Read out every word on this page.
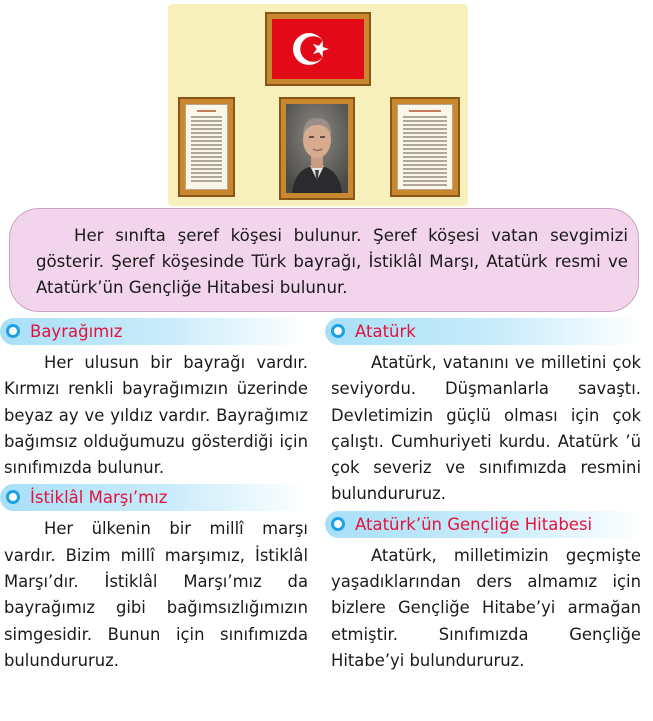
Her sınıfta şeref köşesi bulunur. Şeref köşesi vatan sevgimizi gösterir. Şeref köşesinde Türk bayrağı, İstiklâl Marşı, Atatürk resmi ve Atatürk’ün Gençliğe Hitabesi bulunur.

Bayrağımız

Her ulusun bir bayrağı vardır. Kırmızı renkli bayrağımızın üzerinde beyaz ay ve yıldız vardır. Bayrağımız bağımsız olduğumuzu gösterdiği için sınıfımızda bulunur.

İstiklâl Marşı’mız

Her ülkenin bir millî marşı vardır. Bizim millî marşımız, İstiklâl Marşı’dır. İstiklâl Marşı’mız da bayrağımız gibi bağımsızlığımızın simgesidir. Bunun için sınıfımızda bulundururuz.

Atatürk

Atatürk, vatanını ve milletini çok seviyordu. Düşmanlarla savaştı. Devletimizin güçlü olması için çok çalıştı. Cumhuriyeti kurdu. Atatürk ’ü çok severiz ve sınıfımızda resmini bulundururuz.

Atatürk’ün Gençliğe Hitabesi

Atatürk, milletimizin geçmişte yaşadıklarından ders almamız için bizlere Gençliğe Hitabe’yi armağan etmiştir. Sınıfımızda Gençliğe Hitabe’yi bulundururuz.
